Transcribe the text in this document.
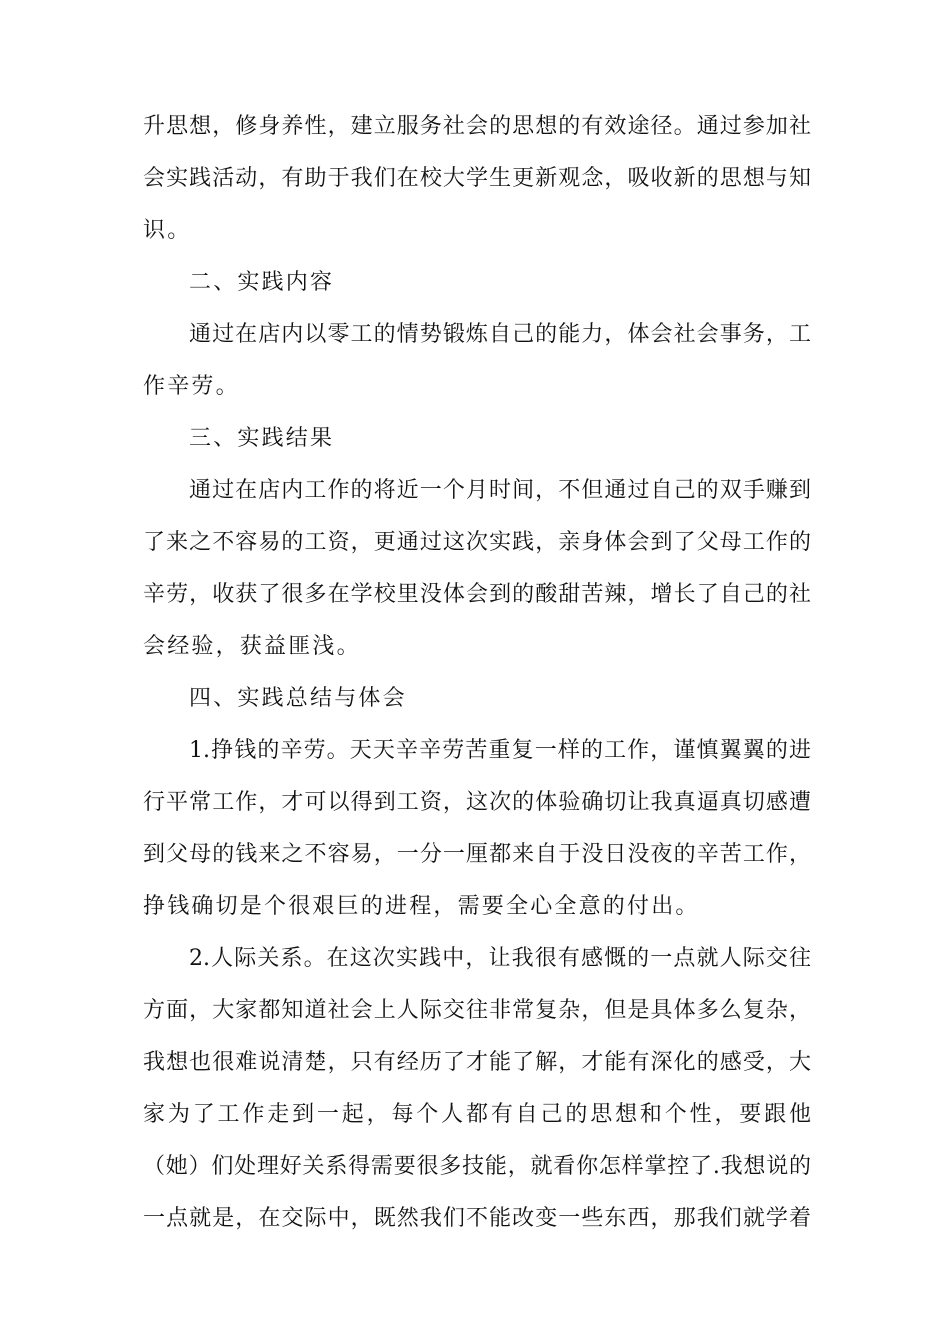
升思想，修身养性，建立服务社会的思想的有效途径。通过参加社
会实践活动，有助于我们在校大学生更新观念，吸收新的思想与知
识。
二、实践内容
通过在店内以零工的情势锻炼自己的能力，体会社会事务，工
作辛劳。
三、实践结果
通过在店内工作的将近一个月时间，不但通过自己的双手赚到
了来之不容易的工资，更通过这次实践，亲身体会到了父母工作的
辛劳，收获了很多在学校里没体会到的酸甜苦辣，增长了自己的社
会经验，获益匪浅。
四、实践总结与体会
1.挣钱的辛劳。天天辛辛劳苦重复一样的工作，谨慎翼翼的进
行平常工作，才可以得到工资，这次的体验确切让我真逼真切感遭
到父母的钱来之不容易，一分一厘都来自于没日没夜的辛苦工作，
挣钱确切是个很艰巨的进程，需要全心全意的付出。
2.人际关系。在这次实践中，让我很有感慨的一点就人际交往
方面，大家都知道社会上人际交往非常复杂，但是具体多么复杂，
我想也很难说清楚，只有经历了才能了解，才能有深化的感受，大
家为了工作走到一起，每个人都有自己的思想和个性，要跟他
（她）们处理好关系得需要很多技能，就看你怎样掌控了.我想说的
一点就是，在交际中，既然我们不能改变一些东西，那我们就学着
